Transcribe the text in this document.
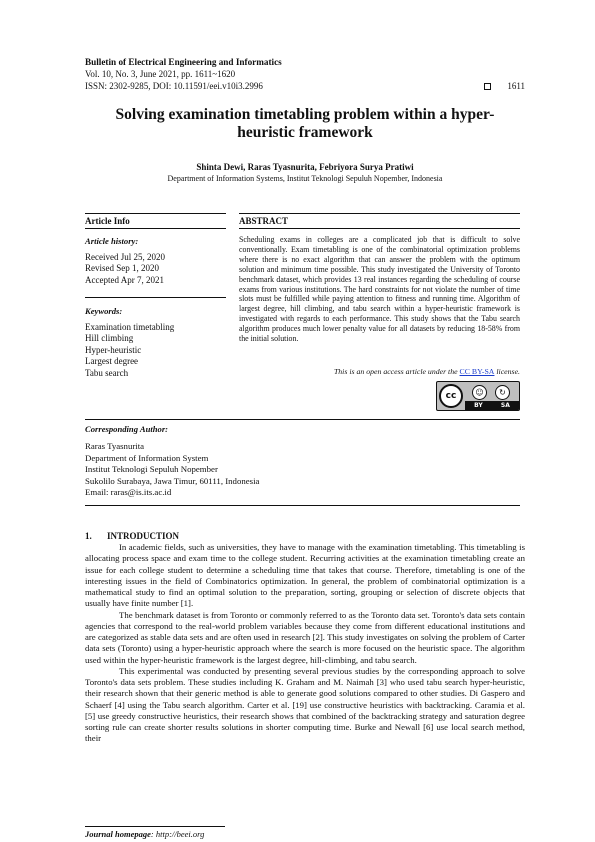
Bulletin of Electrical Engineering and Informatics
Vol. 10, No. 3, June 2021, pp. 1611~1620
ISSN: 2302-9285, DOI: 10.11591/eei.v10i3.2996	1611
Solving examination timetabling problem within a hyper-
heuristic framework
Shinta Dewi, Raras Tyasnurita, Febriyora Surya Pratiwi
Department of Information Systems, Institut Teknologi Sepuluh Nopember, Indonesia
Article Info	ABSTRACT
Article history:
Received Jul 25, 2020
Revised Sep 1, 2020
Accepted Apr 7, 2021
Keywords:
Examination timetabling
Hill climbing
Hyper-heuristic
Largest degree
Tabu search
Scheduling exams in colleges are a complicated job that is difficult to solve conventionally. Exam timetabling is one of the combinatorial optimization problems where there is no exact algorithm that can answer the problem with the optimum solution and minimum time possible. This study investigated the University of Toronto benchmark dataset, which provides 13 real instances regarding the scheduling of course exams from various institutions. The hard constraints for not violate the number of time slots must be fulfilled while paying attention to fitness and running time. Algorithm of largest degree, hill climbing, and tabu search within a hyper-heuristic framework is investigated with regards to each performance. This study shows that the Tabu search algorithm produces much lower penalty value for all datasets by reducing 18-58% from the initial solution.
This is an open access article under the CC BY-SA license.
cc	☺	↻
BY	SA
Corresponding Author:
Raras Tyasnurita
Department of Information System
Institut Teknologi Sepuluh Nopember
Sukolilo Surabaya, Jawa Timur, 60111, Indonesia
Email: raras@is.its.ac.id
1. INTRODUCTION

In academic fields, such as universities, they have to manage with the examination timetabling. This timetabling is allocating process space and exam time to the college student. Recurring activities at the examination timetabling create an issue for each college student to determine a scheduling time that takes that course. Therefore, timetabling is one of the interesting issues in the field of Combinatorics optimization. In general, the problem of combinatorial optimization is a mathematical study to find an optimal solution to the preparation, sorting, grouping or selection of discrete objects that usually have finite number [1].

The benchmark dataset is from Toronto or commonly referred to as the Toronto data set. Toronto's data sets contain agencies that correspond to the real-world problem variables because they come from different educational institutions and are categorized as stable data sets and are often used in research [2]. This study investigates on solving the problem of Carter data sets (Toronto) using a hyper-heuristic approach where the search is more focused on the heuristic space. The algorithm used within the hyper-heuristic framework is the largest degree, hill-climbing, and tabu search.

This experimental was conducted by presenting several previous studies by the corresponding approach to solve Toronto's data sets problem. These studies including K. Graham and M. Naimah [3] who used tabu search hyper-heuristic, their research shown that their generic method is able to generate good solutions compared to other studies. Di Gaspero and Schaerf [4] using the Tabu search algorithm. Carter et al. [19] use constructive heuristics with backtracking. Caramia et al. [5] use greedy constructive heuristics, their research shows that combined of the backtracking strategy and saturation degree sorting rule can create shorter results solutions in shorter computing time. Burke and Newall [6] use local search method, their

Journal homepage: http://beei.org
